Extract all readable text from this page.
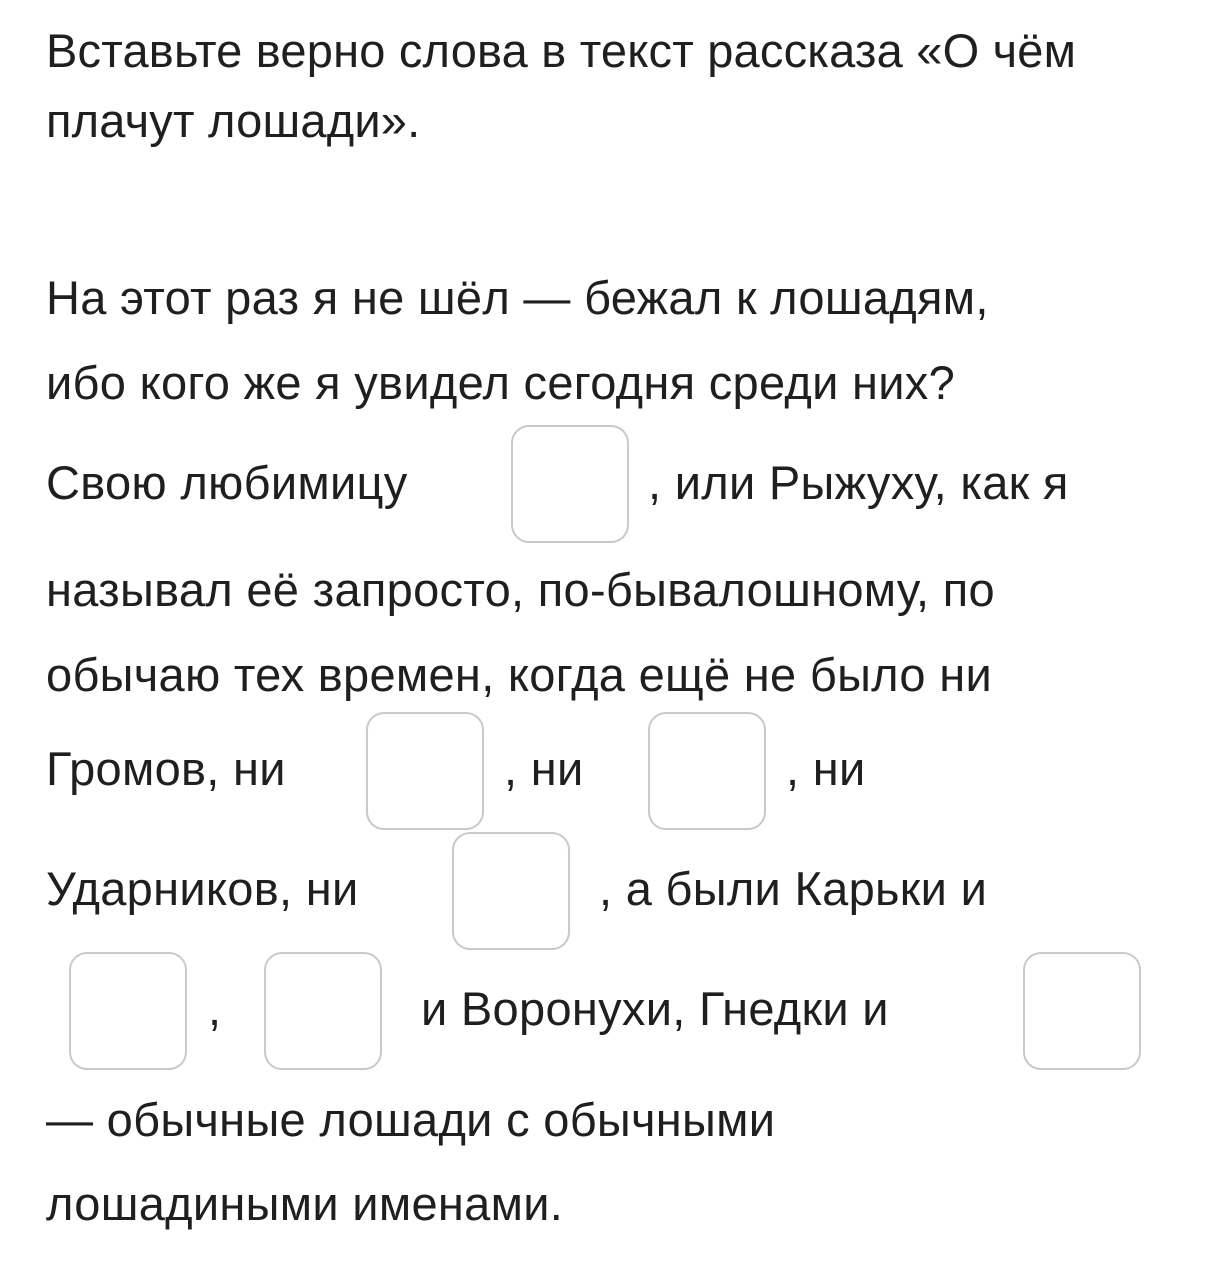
Вставьте верно слова в текст рассказа «О чём плачут лошади».
На этот раз я не шёл — бежал к лошадям,
ибо кого же я увидел сегодня среди них?
Свою любимицу	, или Рыжуху, как я
называл её запросто, по-бывалошному, по
обычаю тех времен, когда ещё не было ни
Громов, ни	, ни	, ни
Ударников, ни	, а были Карьки и
,	и Воронухи, Гнедки и
— обычные лошади с обычными
лошадиными именами.
